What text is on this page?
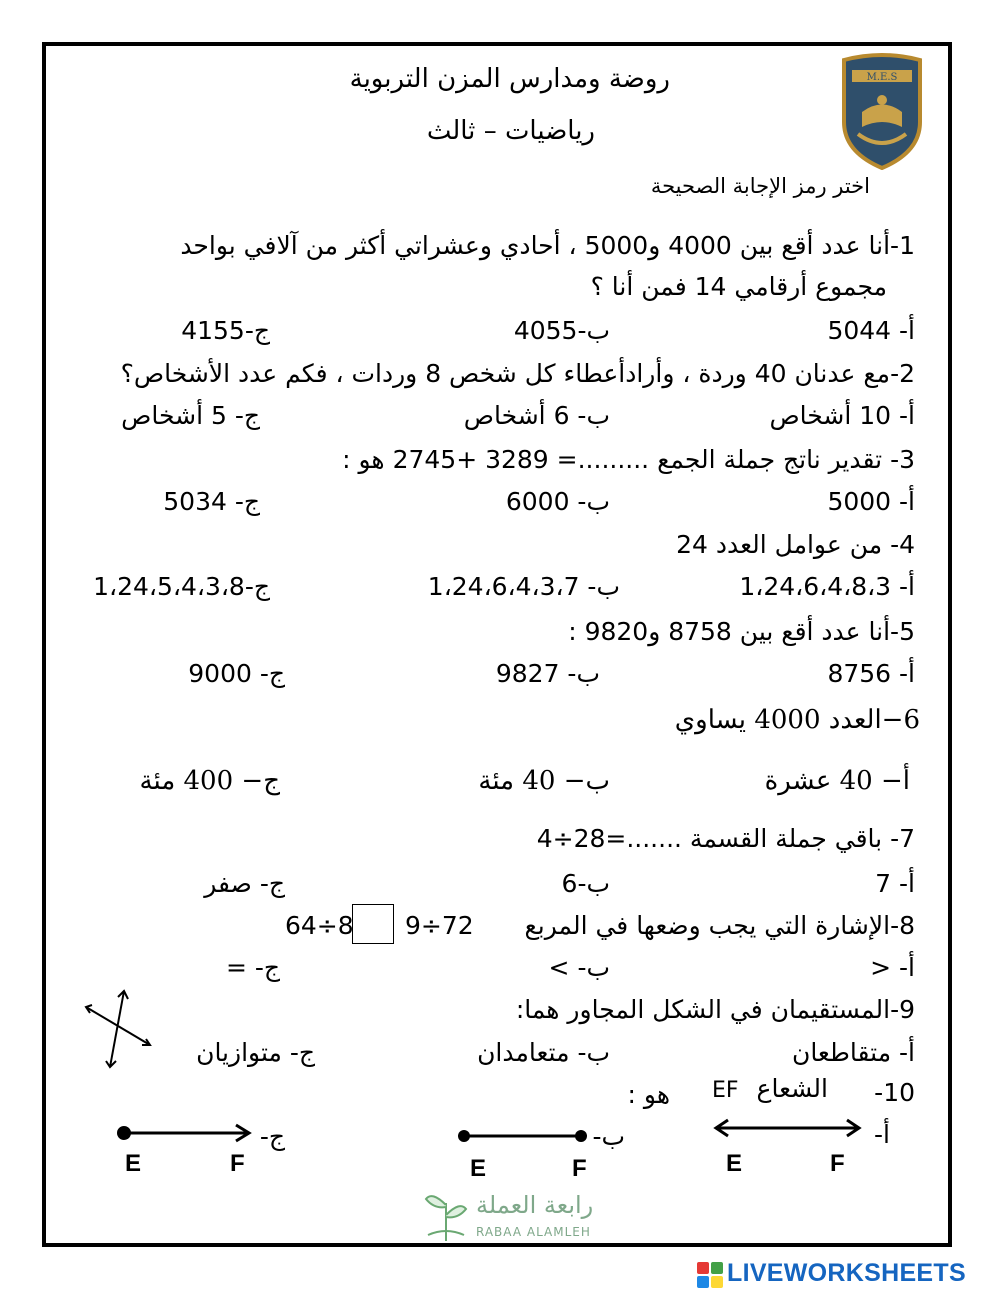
روضة ومدارس المزن التربوية
رياضيات – ثالث
اختر رمز الإجابة الصحيحة
M.E.S
1-أنا عدد أقع بين 4000 و5000 ، أحادي وعشراتي أكثر من آلافي بواحد
مجموع أرقامي 14 فمن أنا ؟
أ- 5044
ب-4055
ج-4155
2-مع عدنان 40 وردة ، وأرادأعطاء كل شخص 8 وردات ، فكم عدد الأشخاص؟
أ- 10 أشخاص
ب- 6 أشخاص
ج- 5 أشخاص
3- تقدير ناتج جملة الجمع .........= 3289 +2745 هو :
أ- 5000
ب- 6000
ج- 5034
4- من عوامل العدد 24
أ- 1،24،6،4،8،3
ب- 1،24،6،4،3،7
ج-1،24،5،4،3،8
5-أنا عدد أقع بين 8758 و9820 :
أ- 8756
ب- 9827
ج- 9000
6−العدد 4000 يساوي
أ− 40 عشرة
ب− 40 مئة
ج− 400 مئة
7- باقي جملة القسمة .......=28÷4
أ- 7
ب-6
ج- صفر
8-الإشارة التي يجب وضعها في المربع
9÷72
64÷8
أ- <
ب- >
ج- =
9-المستقيمان في الشكل المجاور هما:
أ- متقاطعان
ب- متعامدان
ج- متوازيان
10-
الشعاع
EF
هو :
أ-
ب-
ج-
E	F
E	F
E	F
رابعة العملة
RABAA ALAMLEH
LIVEWORKSHEETS
